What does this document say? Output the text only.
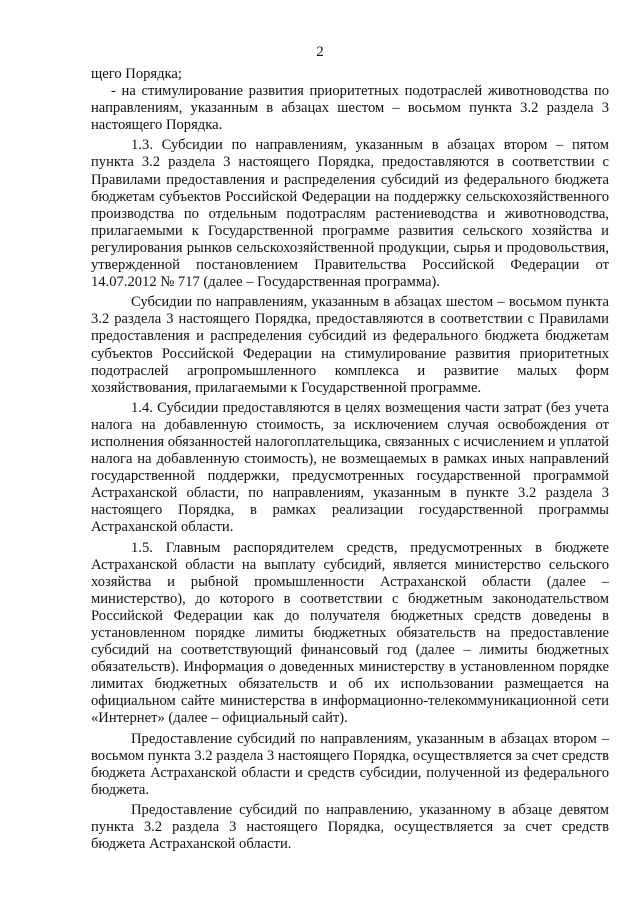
2

щего Порядка;

- на стимулирование развития приоритетных подотраслей животноводства по направлениям, указанным в абзацах шестом – восьмом пункта 3.2 раздела 3 настоящего Порядка.

1.3. Субсидии по направлениям, указанным в абзацах втором – пятом пункта 3.2 раздела 3 настоящего Порядка, предоставляются в соответствии с Правилами предоставления и распределения субсидий из федерального бюджета бюджетам субъектов Российской Федерации на поддержку сельскохозяйственного производства по отдельным подотраслям растениеводства и животноводства, прилагаемыми к Государственной программе развития сельского хозяйства и регулирования рынков сельскохозяйственной продукции, сырья и продовольствия, утвержденной постановлением Правительства Российской Федерации от 14.07.2012 № 717 (далее – Государственная программа).

Субсидии по направлениям, указанным в абзацах шестом – восьмом пункта 3.2 раздела 3 настоящего Порядка, предоставляются в соответствии с Правилами предоставления и распределения субсидий из федерального бюджета бюджетам субъектов Российской Федерации на стимулирование развития приоритетных подотраслей агропромышленного комплекса и развитие малых форм хозяйствования, прилагаемыми к Государственной программе.

1.4. Субсидии предоставляются в целях возмещения части затрат (без учета налога на добавленную стоимость, за исключением случая освобождения от исполнения обязанностей налогоплательщика, связанных с исчислением и уплатой налога на добавленную стоимость), не возмещаемых в рамках иных направлений государственной поддержки, предусмотренных государственной программой Астраханской области, по направлениям, указанным в пункте 3.2 раздела 3 настоящего Порядка, в рамках реализации государственной программы Астраханской области.

1.5. Главным распорядителем средств, предусмотренных в бюджете Астраханской области на выплату субсидий, является министерство сельского хозяйства и рыбной промышленности Астраханской области (далее – министерство), до которого в соответствии с бюджетным законодательством Российской Федерации как до получателя бюджетных средств доведены в установленном порядке лимиты бюджетных обязательств на предоставление субсидий на соответствующий финансовый год (далее – лимиты бюджетных обязательств). Информация о доведенных министерству в установленном порядке лимитах бюджетных обязательств и об их использовании размещается на официальном сайте министерства в информационно-телекоммуникационной сети «Интернет» (далее – официальный сайт).

Предоставление субсидий по направлениям, указанным в абзацах втором – восьмом пункта 3.2 раздела 3 настоящего Порядка, осуществляется за счет средств бюджета Астраханской области и средств субсидии, полученной из федерального бюджета.

Предоставление субсидий по направлению, указанному в абзаце девятом пункта 3.2 раздела 3 настоящего Порядка, осуществляется за счет средств бюджета Астраханской области.
